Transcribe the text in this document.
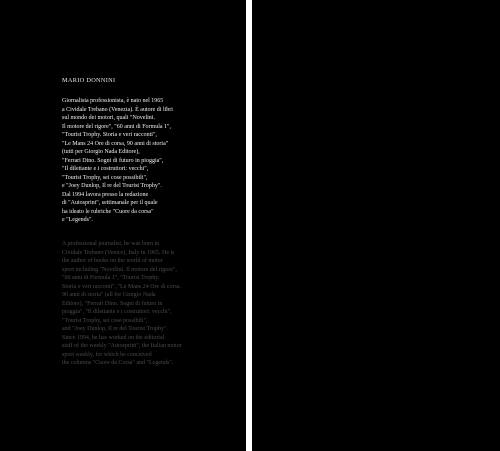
MARIO DONNINI

Giornalista professionista, è nato nel 1965
a Cividale Trebano (Venezia). È autore di libri
sul mondo dei motori, quali "Novelini.
Il motore del rigore", "60 anni di Formula 1",
"Tourist Trophy. Storia e veri racconti",
"Le Mans 24 Ore di corsa, 90 anni di storia"
(tutti per Giorgio Nada Editore),
"Ferrari Dino. Sogni di futuro in pioggia",
"Il dilettante e i costruttori: vecchi",
"Tourist Trophy, sei cose possibili",
e "Joey Dunlop, Il re del Tourist Trophy".
Dal 1994 lavora presso la redazione
di "Autosprint", settimanale per il quale
ha ideato le rubriche "Cuore da corsa"
e "Legends".

A professional journalist, he was born in
Cividale Trebano (Venice), Italy in 1965. He is
the author of books on the world of motor
sport including "Novelini. Il motore del rigore",
"60 anni di Formula 1", "Tourist Trophy.
Storia e veri racconti", "Le Mans 24 Ore di corsa.
90 anni di storia" (all for Giorgio Nada
Editore), "Ferrari Dino. Sogni di futuro in
pioggia", "Il dilettante e i costruttori: vecchi",
"Tourist Trophy, sei cose possibili",
and "Joey Dunlop, Il re del Tourist Trophy".
Since 1994, he has worked on the editorial
staff of the weekly "Autosprint", the Italian motor
sport weekly, for which he conceived
the columns "Cuore da Corsa" and "Legends".
